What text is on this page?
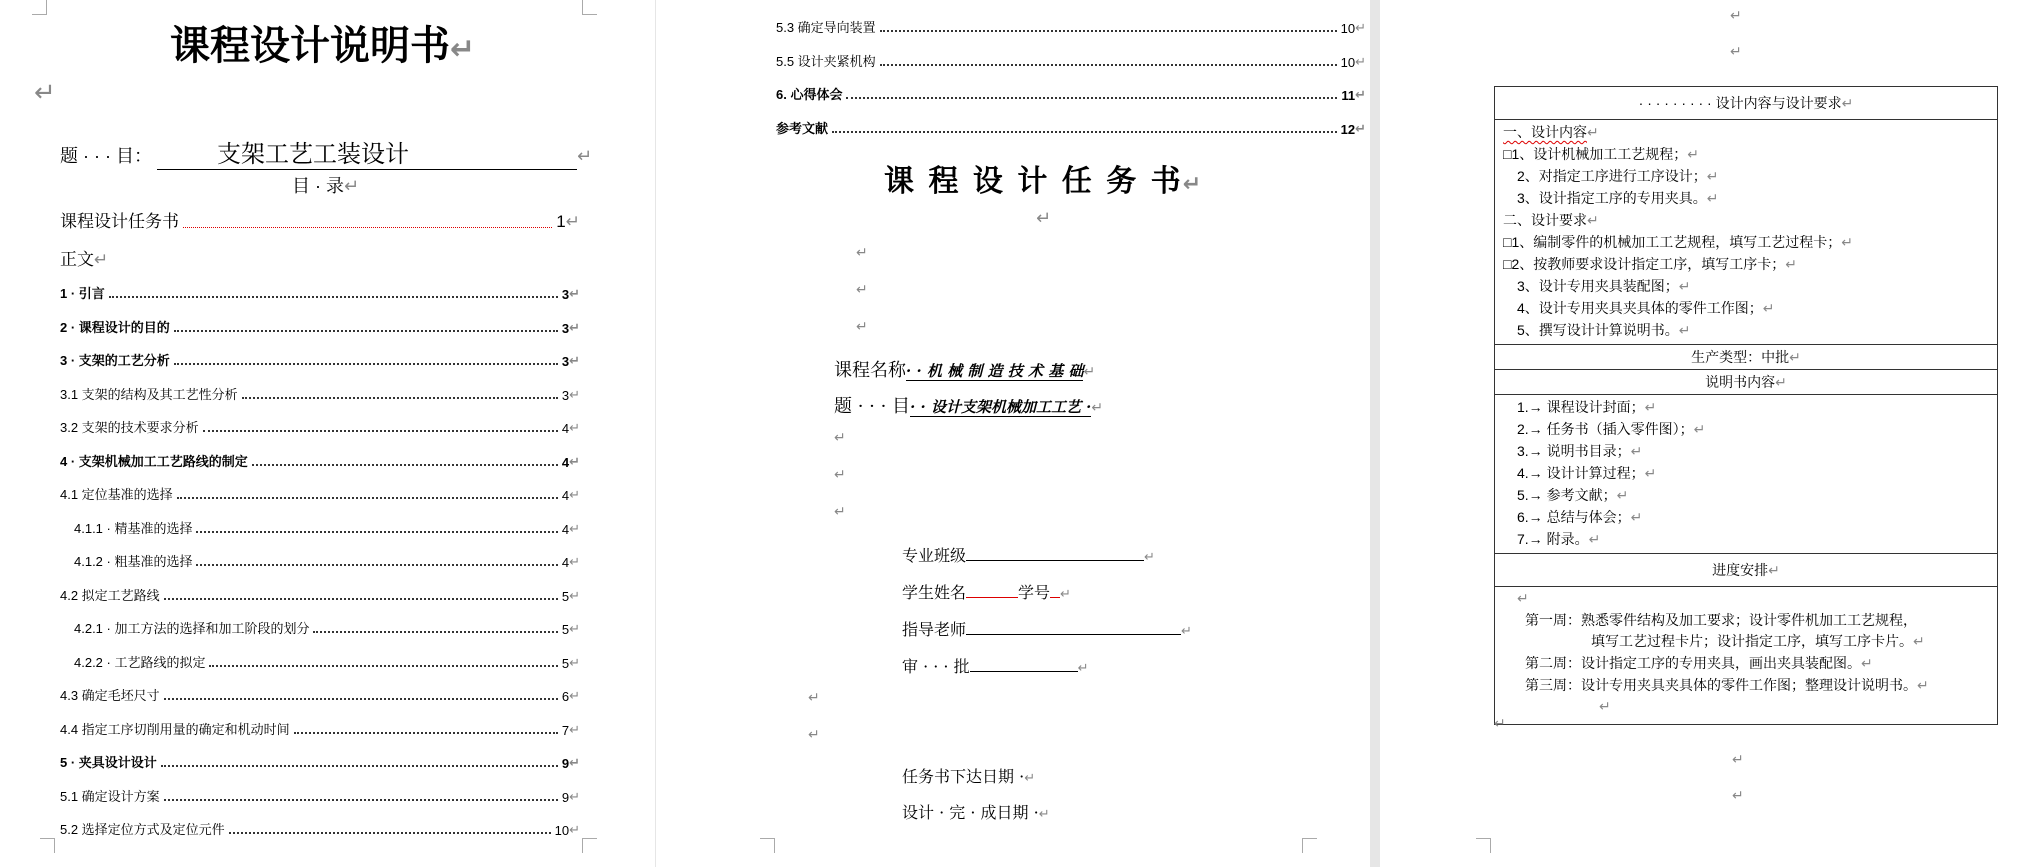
课程设计说明书↵
↵
题 · · · 目：	支架工艺工装设计	↵
目 · 录↵
课程设计任务书	1 ↵
正文↵
1 · 引言	3 ↵
2 · 课程设计的目的	3 ↵
3 · 支架的工艺分析	3 ↵
3.1 支架的结构及其工艺性分析	3 ↵
3.2 支架的技术要求分析	4 ↵
4 · 支架机械加工工艺路线的制定	4 ↵
4.1 定位基准的选择	4 ↵
4.1.1 · 精基准的选择	4 ↵
4.1.2 · 粗基准的选择	4 ↵
4.2 拟定工艺路线	5 ↵
4.2.1 · 加工方法的选择和加工阶段的划分	5 ↵
4.2.2 · 工艺路线的拟定	5 ↵
4.3 确定毛坯尺寸	6 ↵
4.4 指定工序切削用量的确定和机动时间	7 ↵
5 · 夹具设计设计	9 ↵
5.1 确定设计方案	9 ↵
5.2 选择定位方式及定位元件	10 ↵
5.3 确定导向装置	10 ↵
5.5 设计夹紧机构	10 ↵
6. 心得体会	11 ↵
参考文献	12 ↵
课 程 设 计 任 务 书↵
↵
↵
↵
↵
课程名称· · 机 械 制 造 技 术 基 础↵
题 · · · 目· · 设计支架机械加工工艺 ·↵
↵
↵
↵
专业班级	↵
学生姓名	学号 ↵
指导老师	↵
审 · · · 批	↵
↵
↵
任务书下达日期 ·↵
设计 · 完 · 成日期 ·↵
↵
↵
· · · · · · · · · 设计内容与设计要求↵

一、设计内容↵
□1、设计机械加工工艺规程；↵
2、对指定工序进行工序设计；↵
3、设计指定工序的专用夹具。↵
二、设计要求↵
□1、编制零件的机械加工工艺规程，填写工艺过程卡；↵
□2、按教师要求设计指定工序，填写工序卡；↵
3、设计专用夹具装配图；↵
4、设计专用夹具夹具体的零件工作图；↵
5、撰写设计计算说明书。↵

生产类型：中批↵
说明书内容↵

1.→ 课程设计封面；↵
2.→ 任务书（插入零件图）；↵
3.→ 说明书目录；↵
4.→ 设计计算过程；↵
5.→ 参考文献；↵
6.→ 总结与体会；↵
7.→ 附录。↵

进度安排↵

↵
第一周：熟悉零件结构及加工要求；设计零件机加工工艺规程，
填写工艺过程卡片；设计指定工序，填写工序卡片。↵
第二周：设计指定工序的专用夹具，画出夹具装配图。↵
第三周：设计专用夹具夹具体的零件工作图；整理设计说明书。↵
↵
↵
↵
↵
